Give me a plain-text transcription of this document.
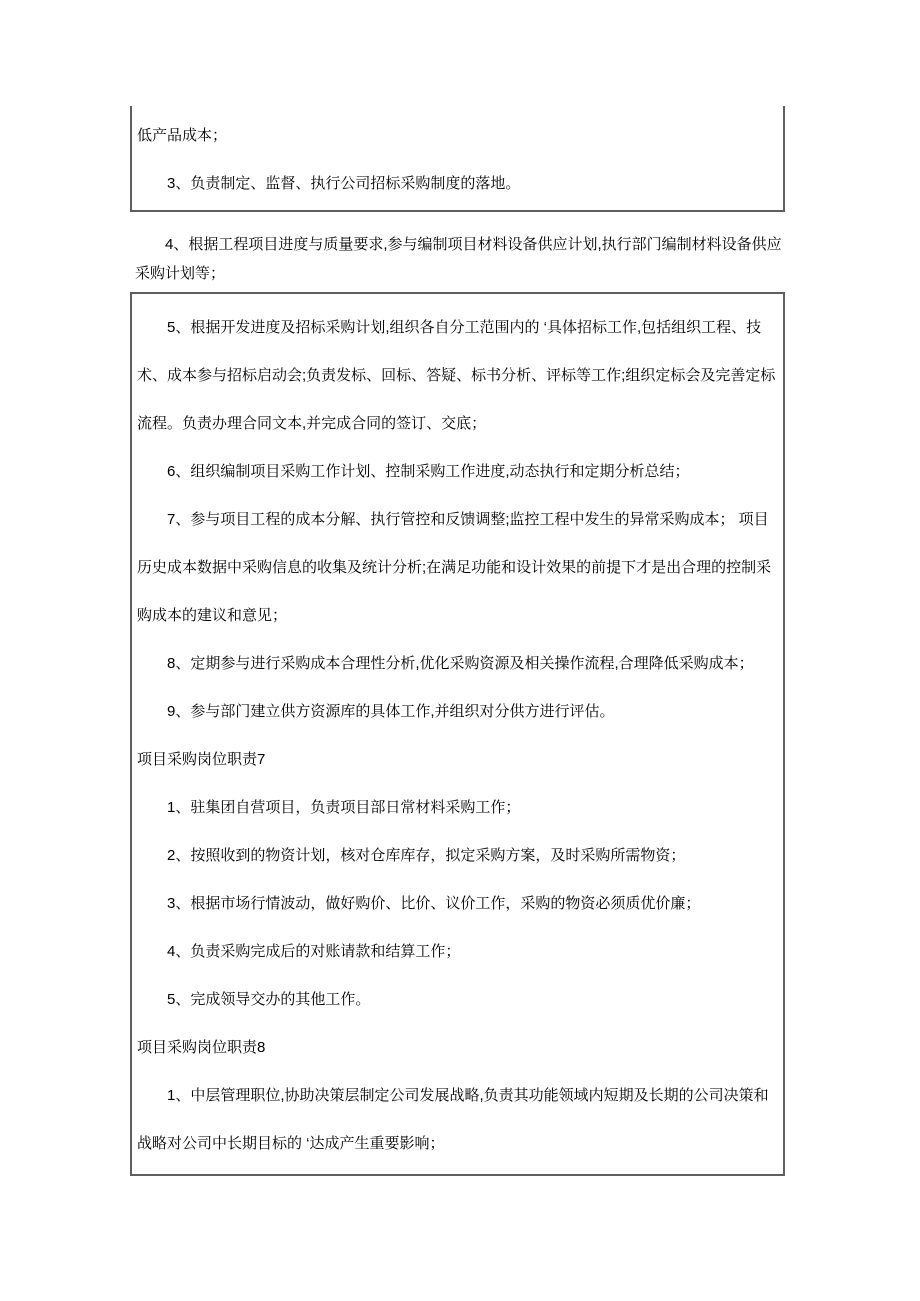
低产品成本；

3、负责制定、监督、执行公司招标采购制度的落地。

4、根据工程项目进度与质量要求,参与编制项目材料设备供应计划,执行部门编制材料设备供应采购计划等；

5、根据开发进度及招标采购计划,组织各自分工范围内的 ‘具体招标工作,包括组织工程、技术、成本参与招标启动会;负责发标、回标、答疑、标书分析、评标等工作;组织定标会及完善定标流程。负责办理合同文本,并完成合同的签订、交底；

6、组织编制项目采购工作计划、控制采购工作进度,动态执行和定期分析总结；

7、参与项目工程的成本分解、执行管控和反馈调整;监控工程中发生的异常采购成本； 项目历史成本数据中采购信息的收集及统计分析;在满足功能和设计效果的前提下才是出合理的控制采购成本的建议和意见；

8、定期参与进行采购成本合理性分析,优化采购资源及相关操作流程,合理降低采购成本；

9、参与部门建立供方资源库的具体工作,并组织对分供方进行评估。

项目采购岗位职责7

1、驻集团自营项目，负责项目部日常材料采购工作；

2、按照收到的物资计划，核对仓库库存，拟定采购方案，及时采购所需物资；

3、根据市场行情波动，做好购价、比价、议价工作，采购的物资必须质优价廉；

4、负责采购完成后的对账请款和结算工作；

5、完成领导交办的其他工作。

项目采购岗位职责8

1、中层管理职位,协助决策层制定公司发展战略,负责其功能领域内短期及长期的公司决策和战略对公司中长期目标的 ‘达成产生重要影响；
